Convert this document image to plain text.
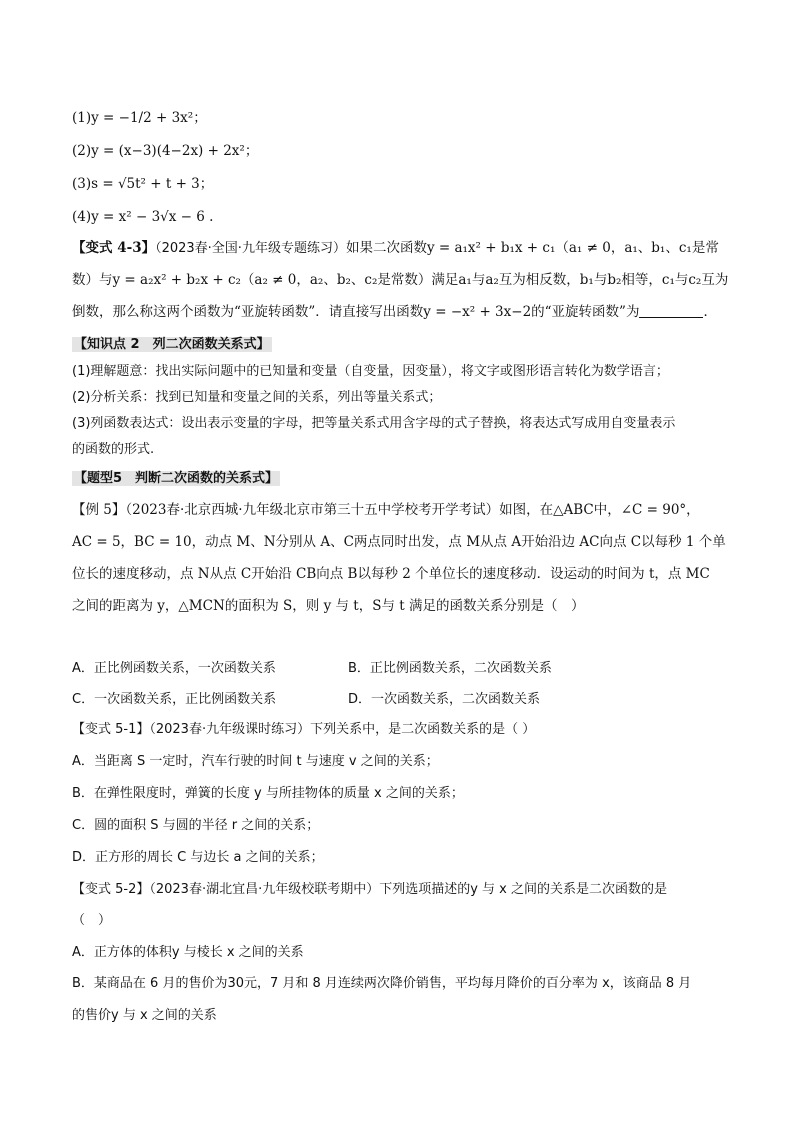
(1)y = −1/2 + 3x²；
(2)y = (x−3)(4−2x) + 2x²；
(3)s = √5t² + t + 3；
(4)y = x² − 3√x − 6 .
【变式 4-3】（2023春·全国·九年级专题练习）如果二次函数y = a₁x² + b₁x + c₁（a₁ ≠ 0，a₁、b₁、c₁是常
数）与y = a₂x² + b₂x + c₂（a₂ ≠ 0，a₂、b₂、c₂是常数）满足a₁与a₂互为相反数，b₁与b₂相等，c₁与c₂互为
倒数，那么称这两个函数为“亚旋转函数”．请直接写出函数y = −x² + 3x−2的“亚旋转函数”为	．
【知识点 2　列二次函数关系式】
(1)理解题意：找出实际问题中的已知量和变量（自变量，因变量），将文字或图形语言转化为数学语言；
(2)分析关系：找到已知量和变量之间的关系，列出等量关系式；
(3)列函数表达式：设出表示变量的字母，把等量关系式用含字母的式子替换，将表达式写成用自变量表示
的函数的形式.
【题型5　判断二次函数的关系式】
【例 5】（2023春·北京西城·九年级北京市第三十五中学校考开学考试）如图，在△ABC中，∠C = 90°，
AC = 5，BC = 10，动点 M、N分别从 A、C两点同时出发，点 M从点 A开始沿边 AC向点 C以每秒 1 个单
位长的速度移动，点 N从点 C开始沿 CB向点 B以每秒 2 个单位长的速度移动．设运动的时间为 t，点 MC
之间的距离为 y，△MCN的面积为 S，则 y 与 t，S与 t 满足的函数关系分别是（　）
A．正比例函数关系，一次函数关系	B．正比例函数关系，二次函数关系
C．一次函数关系，正比例函数关系	D．一次函数关系，二次函数关系
【变式 5-1】（2023春·九年级课时练习）下列关系中，是二次函数关系的是（ ）
A．当距离 S 一定时，汽车行驶的时间 t 与速度 v 之间的关系；
B．在弹性限度时，弹簧的长度 y 与所挂物体的质量 x 之间的关系；
C．圆的面积 S 与圆的半径 r 之间的关系；
D．正方形的周长 C 与边长 a 之间的关系；
【变式 5-2】（2023春·湖北宜昌·九年级校联考期中）下列选项描述的y 与 x 之间的关系是二次函数的是
（　）
A．正方体的体积y 与棱长 x 之间的关系
B．某商品在 6 月的售价为30元，7 月和 8 月连续两次降价销售，平均每月降价的百分率为 x，该商品 8 月
的售价y 与 x 之间的关系
